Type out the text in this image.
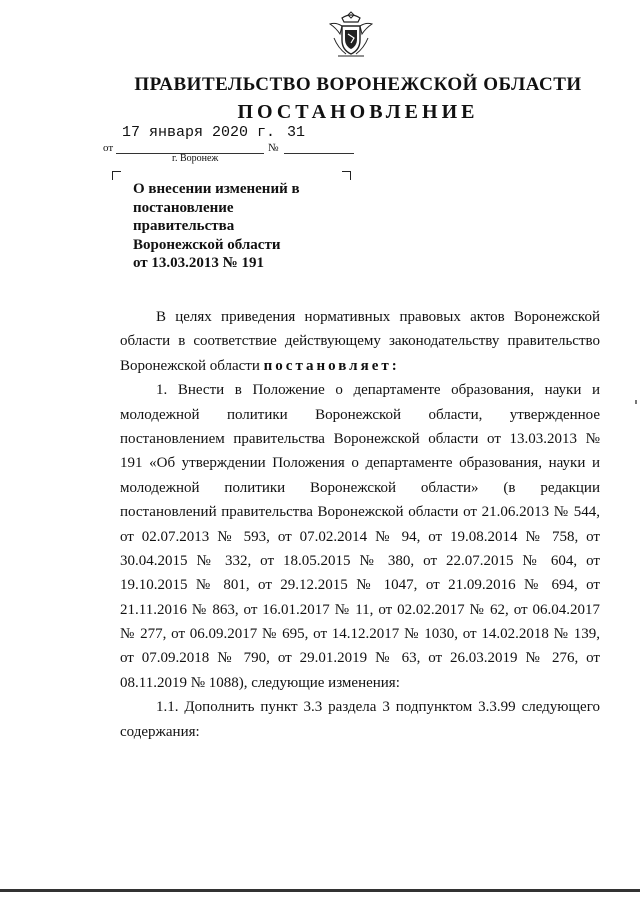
ПРАВИТЕЛЬСТВО ВОРОНЕЖСКОЙ ОБЛАСТИ
ПОСТАНОВЛЕНИЕ
17 января 2020 г. 31
от	№
г. Воронеж
О внесении изменений в
постановление
правительства
Воронежской области
от 13.03.2013 № 191
В целях приведения нормативных правовых актов Воронежской
области в соответствие действующему законодательству правительство
Воронежской области постановляет:
1. Внести в Положение о департаменте образования, науки и
молодежной политики Воронежской области, утвержденное
постановлением правительства Воронежской области от 13.03.2013 №
191 «Об утверждении Положения о департаменте образования, науки и
молодежной политики Воронежской области» (в редакции
постановлений правительства Воронежской области от 21.06.2013 № 544,
от 02.07.2013 № 593, от 07.02.2014 № 94, от 19.08.2014 № 758, от
30.04.2015 № 332, от 18.05.2015 № 380, от 22.07.2015 № 604, от
19.10.2015 № 801, от 29.12.2015 № 1047, от 21.09.2016 № 694, от
21.11.2016 № 863, от 16.01.2017 № 11, от 02.02.2017 № 62, от 06.04.2017
№ 277, от 06.09.2017 № 695, от 14.12.2017 № 1030, от 14.02.2018 № 139,
от 07.09.2018 № 790, от 29.01.2019 № 63, от 26.03.2019 № 276, от
08.11.2019 № 1088), следующие изменения:
1.1. Дополнить пункт 3.3 раздела 3 подпунктом 3.3.99 следующего
содержания:
